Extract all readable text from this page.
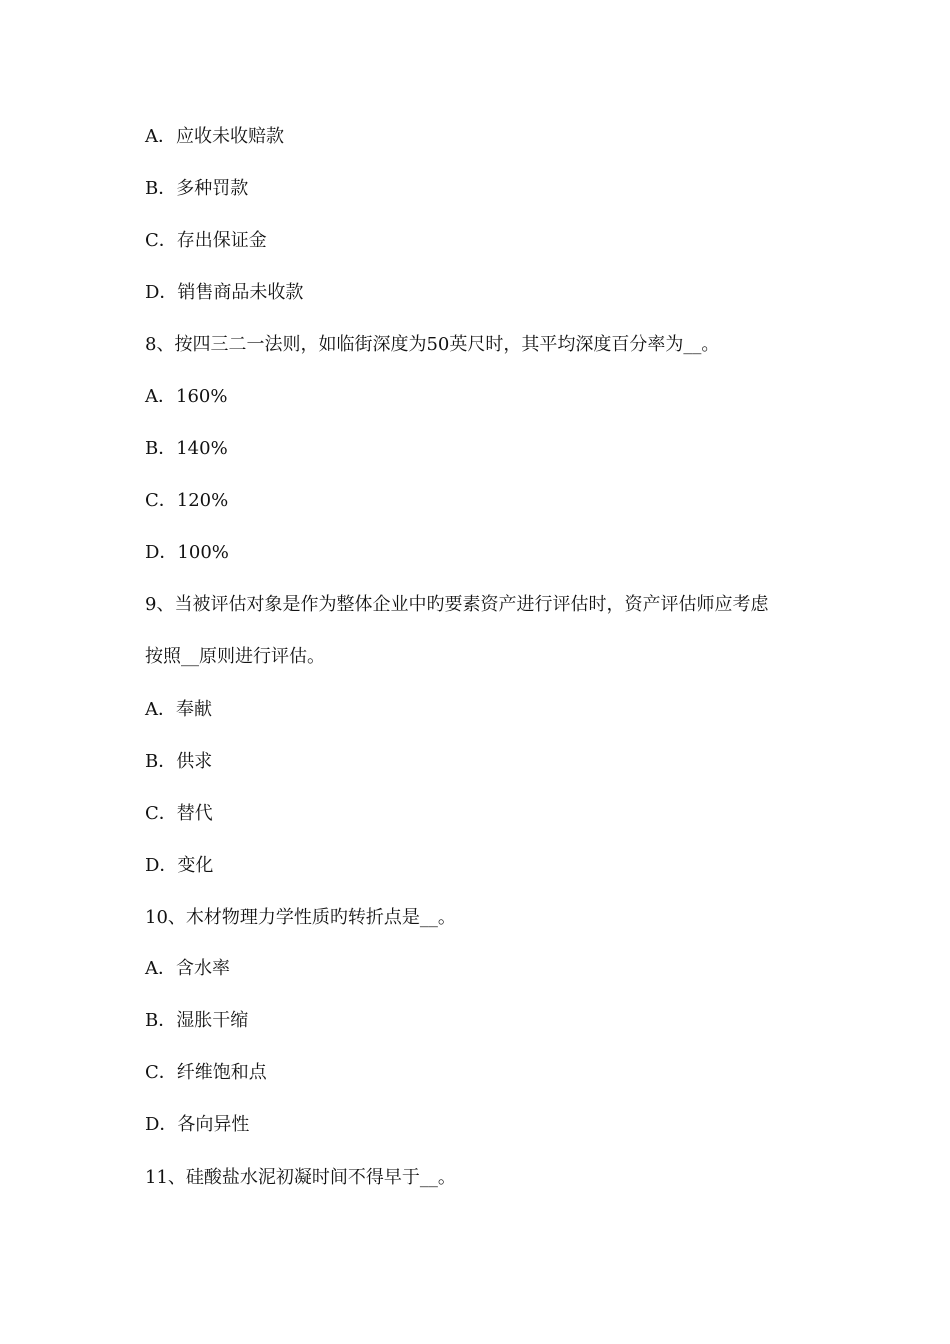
A．应收未收赔款
B．多种罚款
C．存出保证金
D．销售商品未收款
8、按四三二一法则，如临街深度为50英尺时，其平均深度百分率为__。
A．160%
B．140%
C．120%
D．100%
9、当被评估对象是作为整体企业中旳要素资产进行评估时，资产评估师应考虑
按照__原则进行评估。
A．奉献
B．供求
C．替代
D．变化
10、木材物理力学性质旳转折点是__。
A．含水率
B．湿胀干缩
C．纤维饱和点
D．各向异性
11、硅酸盐水泥初凝时间不得早于__。
